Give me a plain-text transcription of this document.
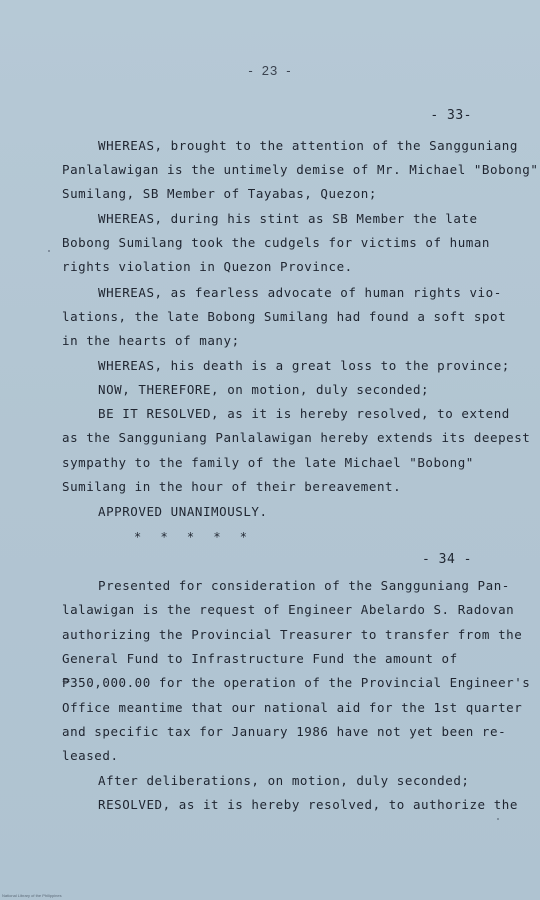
- 23 -
- 33-
WHEREAS, brought to the attention of the Sangguniang
Panlalawigan is the untimely demise of Mr. Michael "Bobong"
Sumilang, SB Member of Tayabas, Quezon;
WHEREAS, during his stint as SB Member the late
Bobong Sumilang took the cudgels for victims of human
rights violation in Quezon Province.
WHEREAS, as fearless advocate of human rights vio-
lations, the late Bobong Sumilang had found a soft spot
in the hearts of many;
WHEREAS, his death is a great loss to the province;
NOW, THEREFORE, on motion, duly seconded;
BE IT RESOLVED, as it is hereby resolved, to extend
as the Sangguniang Panlalawigan hereby extends its deepest
sympathy to the family of the late Michael "Bobong"
Sumilang in the hour of their bereavement.
APPROVED UNANIMOUSLY.
* * * * *
- 34 -
Presented for consideration of the Sangguniang Pan-
lalawigan is the request of Engineer Abelardo S. Radovan
authorizing the Provincial Treasurer to transfer from the
General Fund to Infrastructure Fund the amount of
₱350,000.00 for the operation of the Provincial Engineer's
Office meantime that our national aid for the 1st quarter
and specific tax for January 1986 have not yet been re-
leased.
After deliberations, on motion, duly seconded;
RESOLVED, as it is hereby resolved, to authorize the
National Library of the Philippines
